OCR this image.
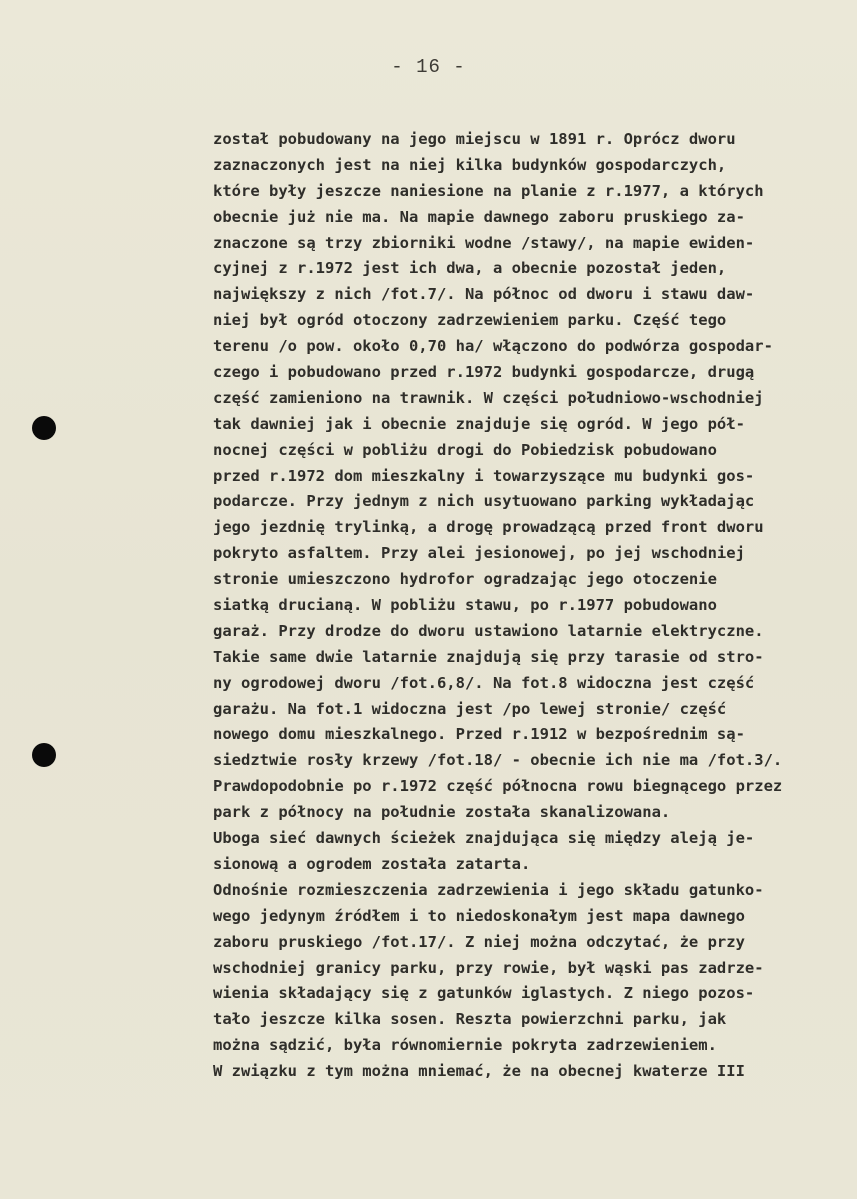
- 16 -
został pobudowany na jego miejscu w 1891 r. Oprócz dworu
zaznaczonych jest na niej kilka budynków gospodarczych,
które były jeszcze naniesione na planie z r.1977, a których
obecnie już nie ma. Na mapie dawnego zaboru pruskiego za-
znaczone są trzy zbiorniki wodne /stawy/, na mapie ewiden-
cyjnej z r.1972 jest ich dwa, a obecnie pozostał jeden,
największy z nich /fot.7/. Na północ od dworu i stawu daw-
niej był ogród otoczony zadrzewieniem parku. Część tego
terenu /o pow. około 0,70 ha/ włączono do podwórza gospodar-
czego i pobudowano przed r.1972 budynki gospodarcze, drugą
część zamieniono na trawnik. W części południowo-wschodniej
tak dawniej jak i obecnie znajduje się ogród. W jego pół-
nocnej części w pobliżu drogi do Pobiedzisk pobudowano
przed r.1972 dom mieszkalny i towarzyszące mu budynki gos-
podarcze. Przy jednym z nich usytuowano parking wykładając
jego jezdnię trylinką, a drogę prowadzącą przed front dworu
pokryto asfaltem. Przy alei jesionowej, po jej wschodniej
stronie umieszczono hydrofor ogradzając jego otoczenie
siatką drucianą. W pobliżu stawu, po r.1977 pobudowano
garaż. Przy drodze do dworu ustawiono latarnie elektryczne.
Takie same dwie latarnie znajdują się przy tarasie od stro-
ny ogrodowej dworu /fot.6,8/. Na fot.8 widoczna jest część
garażu. Na fot.1 widoczna jest /po lewej stronie/ część
nowego domu mieszkalnego. Przed r.1912 w bezpośrednim są-
siedztwie rosły krzewy /fot.18/ - obecnie ich nie ma /fot.3/.
Prawdopodobnie po r.1972 część północna rowu biegnącego przez
park z północy na południe została skanalizowana.
Uboga sieć dawnych ścieżek znajdująca się między aleją je-
sionową a ogrodem została zatarta.
Odnośnie rozmieszczenia zadrzewienia i jego składu gatunko-
wego jedynym źródłem i to niedoskonałym jest mapa dawnego
zaboru pruskiego /fot.17/. Z niej można odczytać, że przy
wschodniej granicy parku, przy rowie, był wąski pas zadrze-
wienia składający się z gatunków iglastych. Z niego pozos-
tało jeszcze kilka sosen. Reszta powierzchni parku, jak
można sądzić, była równomiernie pokryta zadrzewieniem.
W związku z tym można mniemać, że na obecnej kwaterze III
